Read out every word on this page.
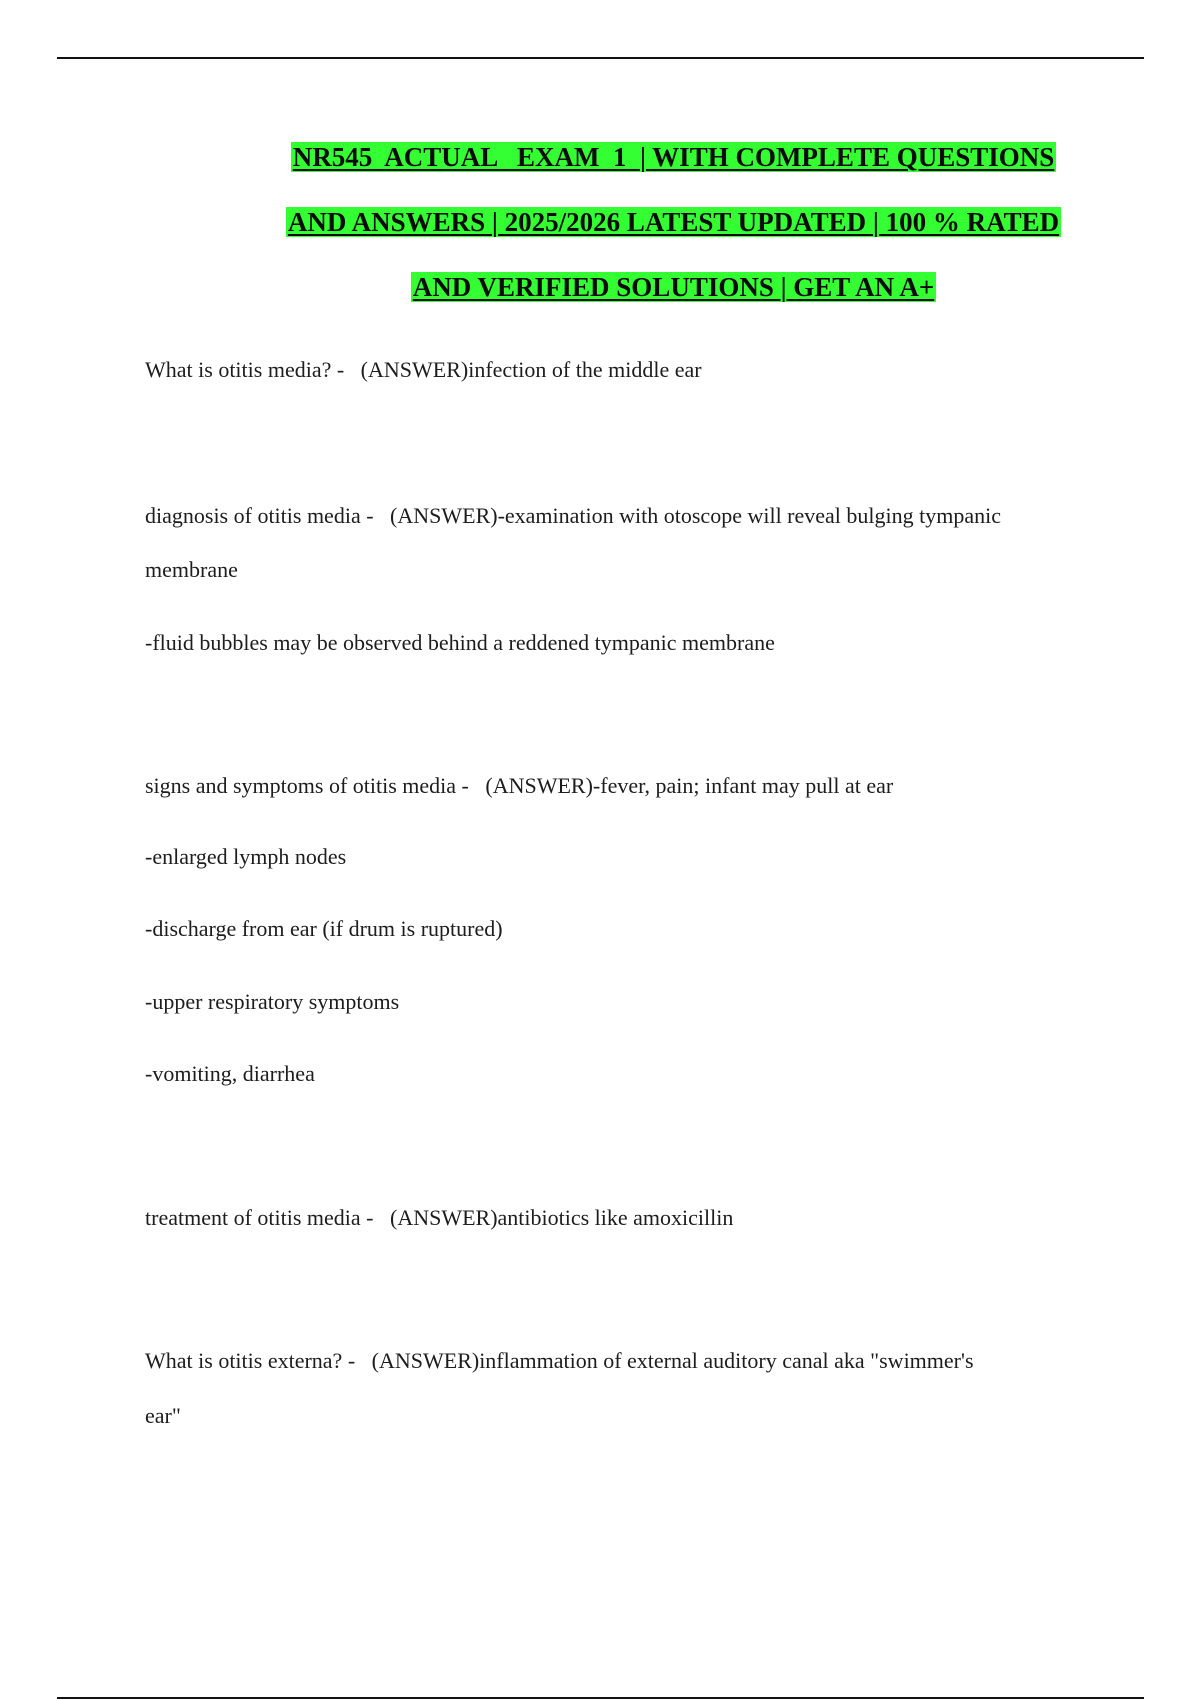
NR545  ACTUAL   EXAM  1  | WITH COMPLETE QUESTIONS
AND ANSWERS | 2025/2026 LATEST UPDATED | 100 % RATED
AND VERIFIED SOLUTIONS | GET AN A+
What is otitis media? -   (ANSWER)infection of the middle ear
diagnosis of otitis media -   (ANSWER)-examination with otoscope will reveal bulging tympanic
membrane
-fluid bubbles may be observed behind a reddened tympanic membrane
signs and symptoms of otitis media -   (ANSWER)-fever, pain; infant may pull at ear
-enlarged lymph nodes
-discharge from ear (if drum is ruptured)
-upper respiratory symptoms
-vomiting, diarrhea
treatment of otitis media -   (ANSWER)antibiotics like amoxicillin
What is otitis externa? -   (ANSWER)inflammation of external auditory canal aka "swimmer's
ear"
